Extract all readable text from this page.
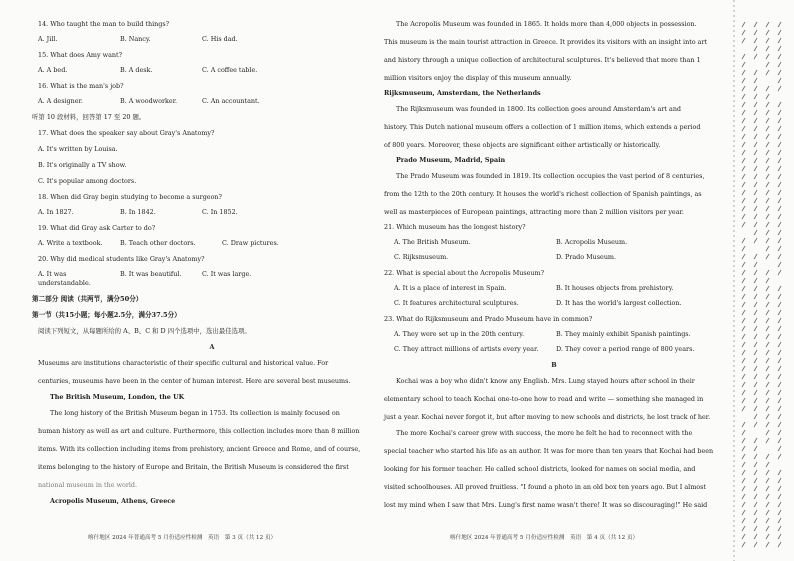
14. Who taught the man to build things?

A. Jill.	B. Nancy.	C. His dad.

15. What does Amy want?

A. A bed.	B. A desk.	C. A coffee table.

16. What is the man's job?

A. A designer.	B. A woodworker.	C. An accountant.

听第 10 段材料，回答第 17 至 20 题。

17. What does the speaker say about Gray's Anatomy?

A. It's written by Louisa.

B. It's originally a TV show.

C. It's popular among doctors.

18. When did Gray begin studying to become a surgeon?

A. In 1827.	B. In 1842.	C. In 1852.

19. What did Gray ask Carter to do?

A. Write a textbook.	B. Teach other doctors.	C. Draw pictures.

20. Why did medical students like Gray's Anatomy?

A. It was understandable.
B. It was beautiful.	C. It was large.

第二部分 阅读（共两节，满分50分）

第一节（共15小题；每小题2.5分，满分37.5分）

阅读下列短文，从每题所给的 A、B、C 和 D 四个选项中，选出最佳选项。

A

Museums are institutions characteristic of their specific cultural and historical value. For

centuries, museums have been in the center of human interest. Here are several best museums.

The British Museum, London, the UK

The long history of the British Museum began in 1753. Its collection is mainly focused on

human history as well as art and culture. Furthermore, this collection includes more than 8 million

items. With its collection including items from prehistory, ancient Greece and Rome, and of course,

items belonging to the history of Europe and Britain, the British Museum is considered the first

national museum in the world.

Acropolis Museum, Athens, Greece

The Acropolis Museum was founded in 1865. It holds more than 4,000 objects in possession.

This museum is the main tourist attraction in Greece. It provides its visitors with an insight into art

and history through a unique collection of architectural sculptures. It's believed that more than 1

million visitors enjoy the display of this museum annually.

Rijksmuseum, Amsterdam, the Netherlands

The Rijksmuseum was founded in 1800. Its collection goes around Amsterdam's art and

history. This Dutch national museum offers a collection of 1 million items, which extends a period

of 800 years. Moreover, these objects are significant either artistically or historically.

Prado Museum, Madrid, Spain

The Prado Museum was founded in 1819. Its collection occupies the vast period of 8 centuries,

from the 12th to the 20th century. It houses the world's richest collection of Spanish paintings, as

well as masterpieces of European paintings, attracting more than 2 million visitors per year.

21. Which museum has the longest history?

A. The British Museum.	B. Acropolis Museum.
C. Rijksmuseum.	D. Prado Museum.

22. What is special about the Acropolis Museum?

A. It is a place of interest in Spain.	B. It houses objects from prehistory.
C. It features architectural sculptures.	D. It has the world's largest collection.

23. What do Rijksmuseum and Prado Museum have in common?

A. They were set up in the 20th century.	B. They mainly exhibit Spanish paintings.
C. They attract millions of artists every year.	D. They cover a period range of 800 years.

B

Kochai was a boy who didn't know any English. Mrs. Lung stayed hours after school in their

elementary school to teach Kochai one-to-one how to read and write — something she managed in

just a year. Kochai never forgot it, but after moving to new schools and districts, he lost track of her.

The more Kochai's career grew with success, the more he felt he had to reconnect with the

special teacher who started his life as an author. It was for more than ten years that Kochai had been

looking for his former teacher. He called school districts, looked for names on social media, and

visited schoolhouses. All proved fruitless. "I found a photo in an old box ten years ago. But I almost

lost my mind when I saw that Mrs. Lung's first name wasn't there! It was so discouraging!" He said

喀什地区 2024 年普通高考 5 月份适应性检测　英语　第 3 页（共 12 页）	喀什地区 2024 年普通高考 5 月份适应性检测　英语　第 4 页（共 12 页）
